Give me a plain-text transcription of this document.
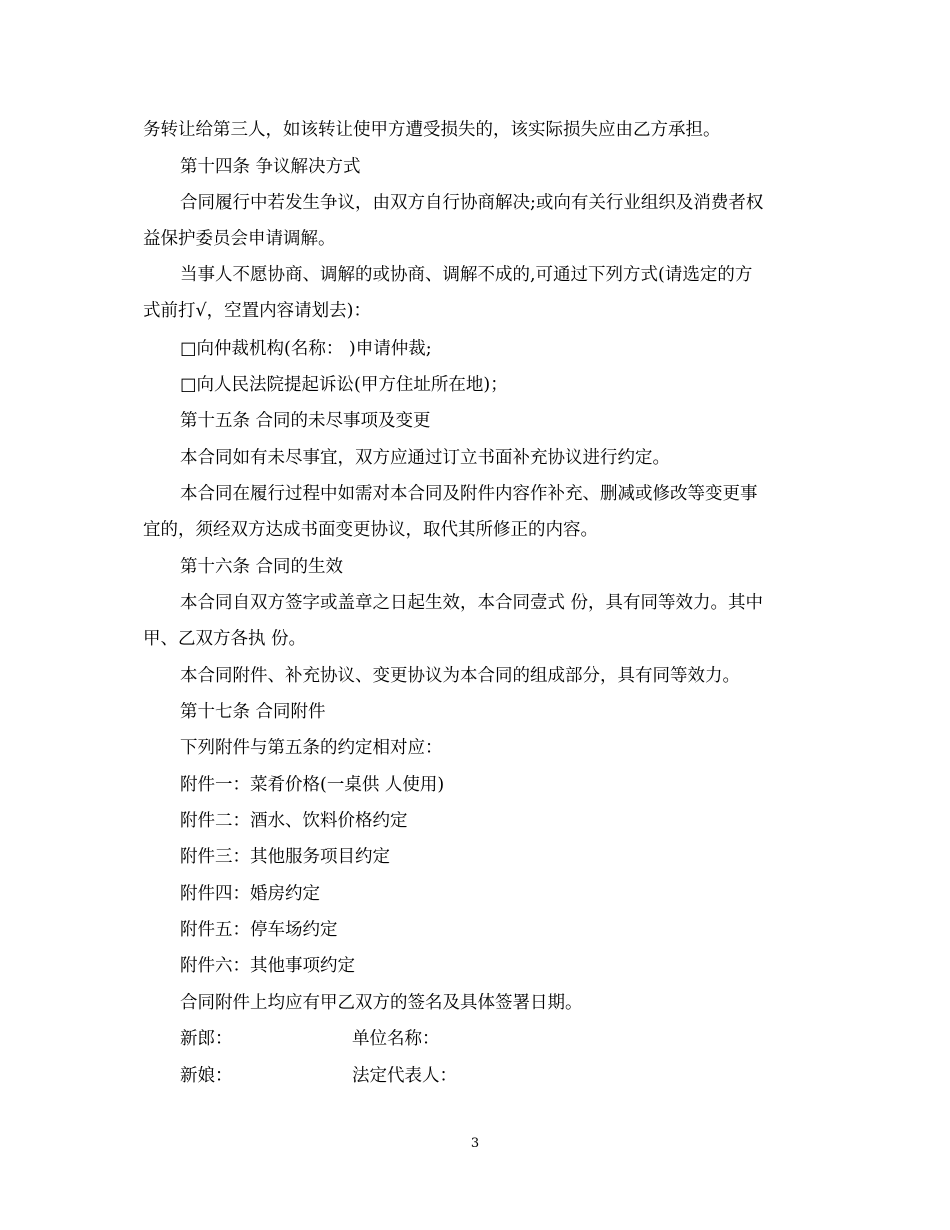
务转让给第三人，如该转让使甲方遭受损失的，该实际损失应由乙方承担。
第十四条 争议解决方式
合同履行中若发生争议，由双方自行协商解决;或向有关行业组织及消费者权
益保护委员会申请调解。
当事人不愿协商、调解的或协商、调解不成的,可通过下列方式(请选定的方
式前打√，空置内容请划去)：
□向仲裁机构(名称： )申请仲裁;
□向人民法院提起诉讼(甲方住址所在地)；
第十五条 合同的未尽事项及变更
本合同如有未尽事宜，双方应通过订立书面补充协议进行约定。
本合同在履行过程中如需对本合同及附件内容作补充、删减或修改等变更事
宜的，须经双方达成书面变更协议，取代其所修正的内容。
第十六条 合同的生效
本合同自双方签字或盖章之日起生效，本合同壹式 份，具有同等效力。其中
甲、乙双方各执 份。
本合同附件、补充协议、变更协议为本合同的组成部分，具有同等效力。
第十七条 合同附件
下列附件与第五条的约定相对应：
附件一：菜肴价格(一桌供 人使用)
附件二：酒水、饮料价格约定
附件三：其他服务项目约定
附件四：婚房约定
附件五：停车场约定
附件六：其他事项约定
合同附件上均应有甲乙双方的签名及具体签署日期。
新郎：	单位名称：
新娘：	法定代表人：
3
